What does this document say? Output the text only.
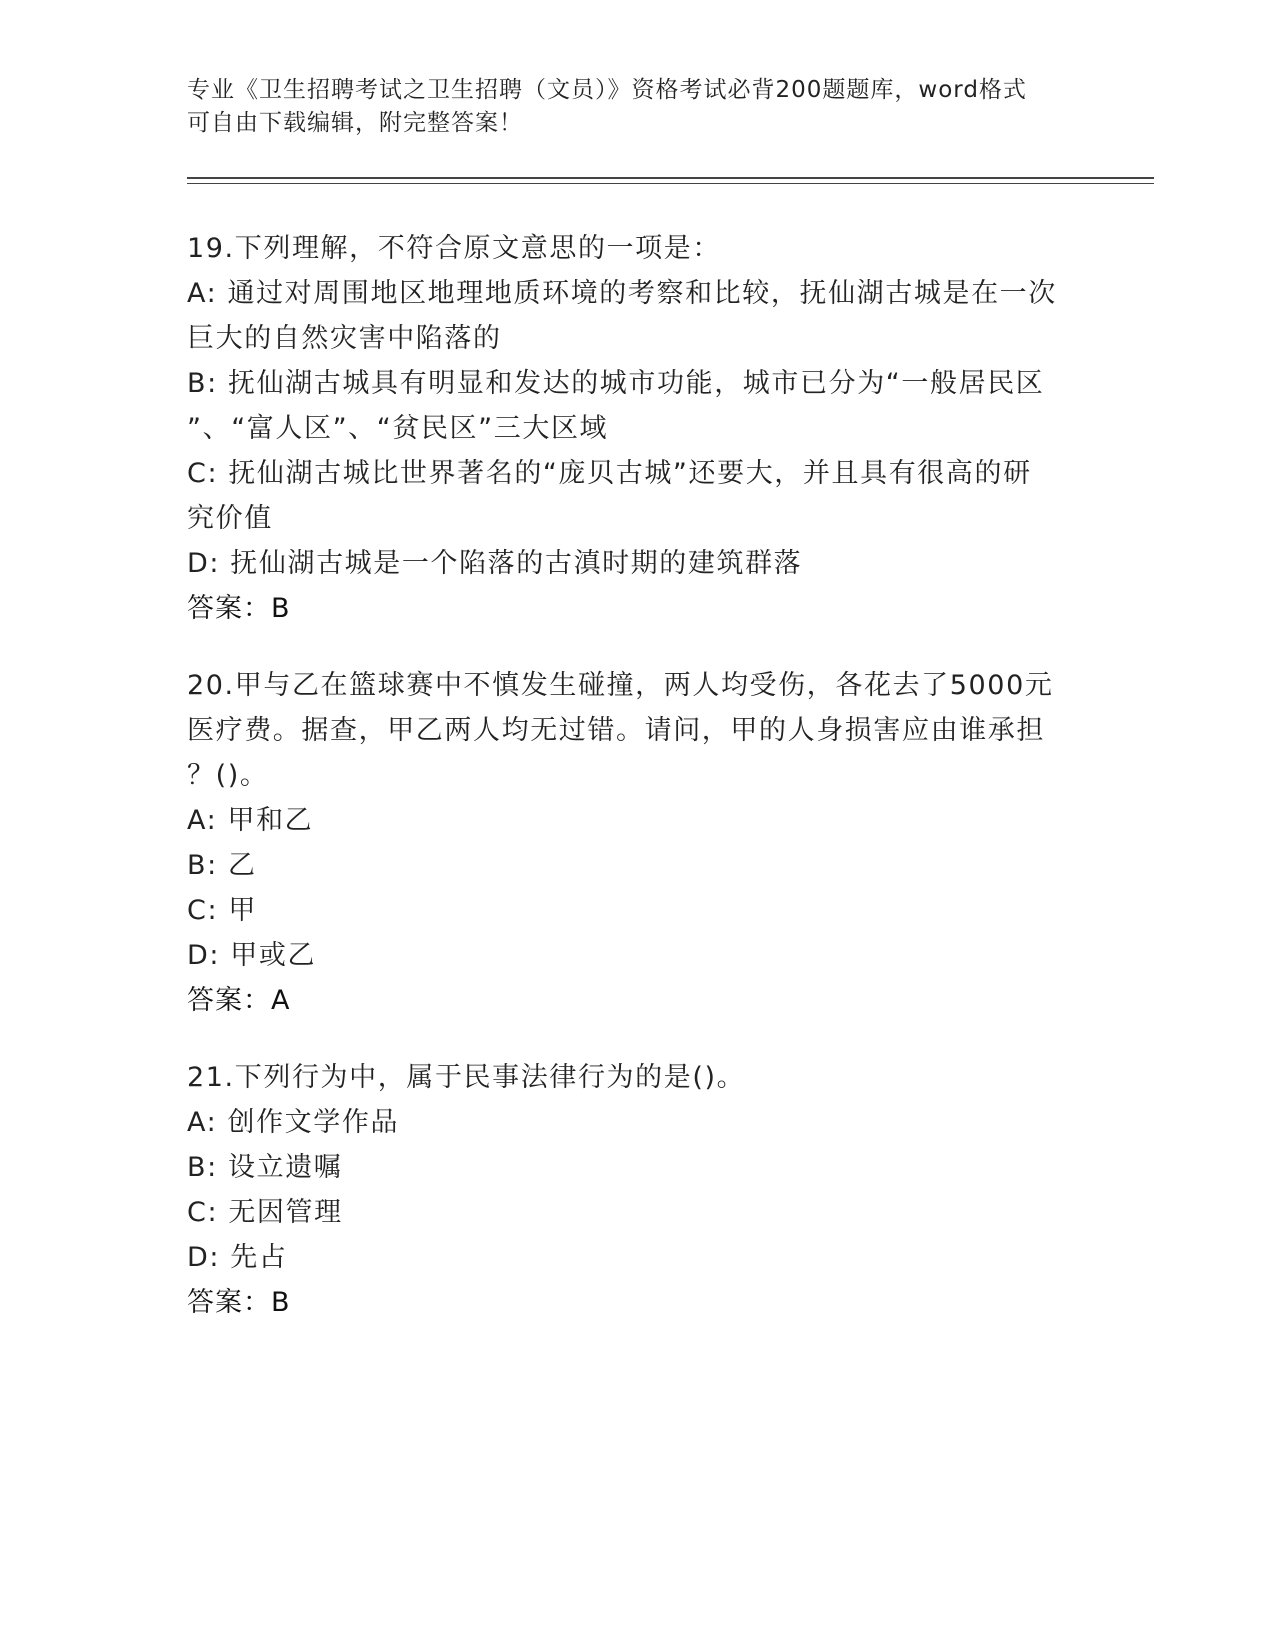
专业《卫生招聘考试之卫生招聘（文员）》资格考试必背200题题库，word格式
可自由下载编辑，附完整答案！
19.下列理解，不符合原文意思的一项是：
A: 通过对周围地区地理地质环境的考察和比较，抚仙湖古城是在一次
巨大的自然灾害中陷落的
B: 抚仙湖古城具有明显和发达的城市功能，城市已分为“一般居民区
”、“富人区”、“贫民区”三大区域
C: 抚仙湖古城比世界著名的“庞贝古城”还要大，并且具有很高的研
究价值
D: 抚仙湖古城是一个陷落的古滇时期的建筑群落
答案：B
20.甲与乙在篮球赛中不慎发生碰撞，两人均受伤，各花去了5000元
医疗费。据查，甲乙两人均无过错。请问，甲的人身损害应由谁承担
？()。
A: 甲和乙
B: 乙
C: 甲
D: 甲或乙
答案：A
21.下列行为中，属于民事法律行为的是()。
A: 创作文学作品
B: 设立遗嘱
C: 无因管理
D: 先占
答案：B
